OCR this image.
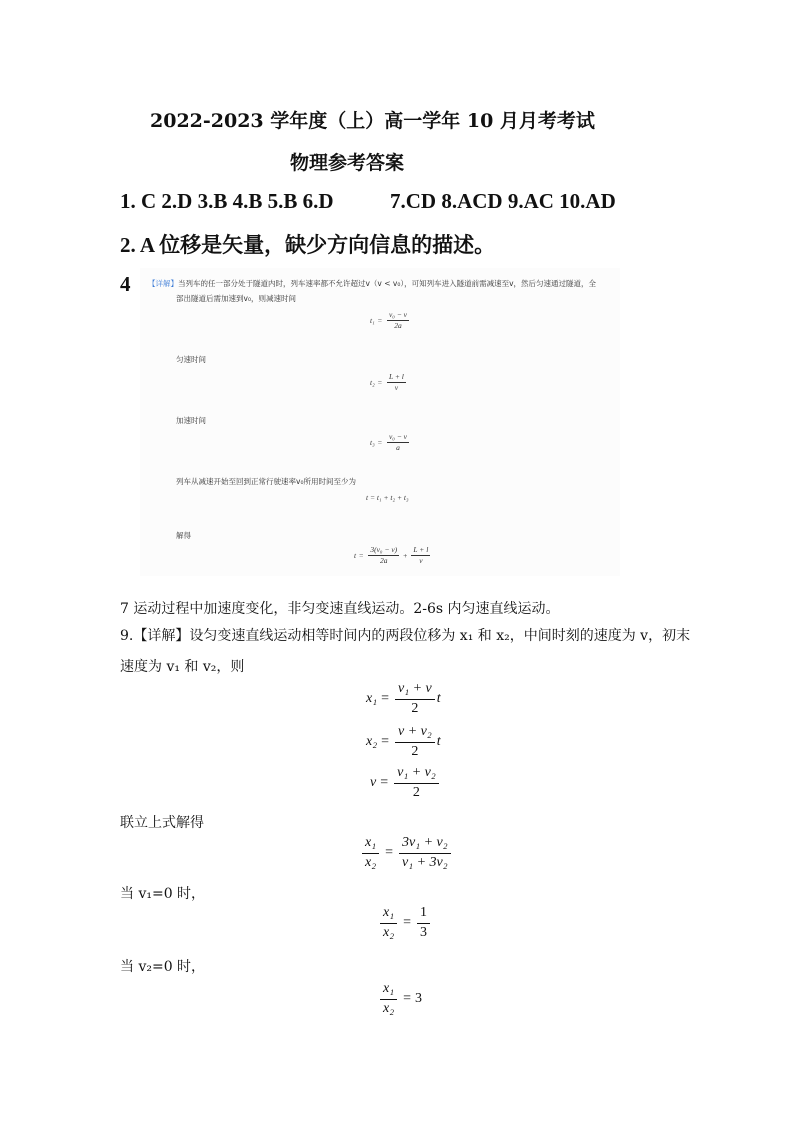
2022-2023 学年度（上）高一学年 10 月月考考试
物理参考答案
1. C 2.D 3.B 4.B 5.B 6.D	7.CD 8.ACD 9.AC 10.AD
2. A 位移是矢量，缺少方向信息的描述。
4 【详解】当列车的任一部分处于隧道内时，列车速率都不允许超过v（v < v₀），可知列车进入隧道前需减速至v，然后匀速通过隧道，全
部出隧道后需加速到v₀，则减速时间
$t_1 = \frac{\text{v₀ − v}}{2a}$
匀速时间
$t_2 = \frac{L + l}{v}$
加速时间
$t_3 = \frac{\text{v₀ − v}}{a}$
列车从减速开始至回到正常行驶速率v₀所用时间至少为
t = t₁ + t₂ + t₃
解得
$t = \frac{\text{3(v₀ − v)}}{2a} + \frac{L + l}{v}$
7 运动过程中加速度变化，非匀变速直线运动。2-6s 内匀速直线运动。
9.【详解】设匀变速直线运动相等时间内的两段位移为 x₁ 和 x₂，中间时刻的速度为 v，初末
速度为 v₁ 和 v₂，则
$x_1 = \frac{\text{v₁ + v}}{2}$ t
$x_2 = \frac{\text{v + v₂}}{2}$ t
$v = \frac{\text{v₁ + v₂}}{2}$
联立上式解得
$\frac{\text{x₁}}{\text{x₂}} = \frac{\text{3v₁ + v₂}}{\text{v₁ + 3v₂}}$
当 v₁=0 时，
$\frac{\text{x₁}}{\text{x₂}} = \frac{1}{3}$
当 v₂=0 时，
$\frac{\text{x₁}}{\text{x₂}} = 3$
